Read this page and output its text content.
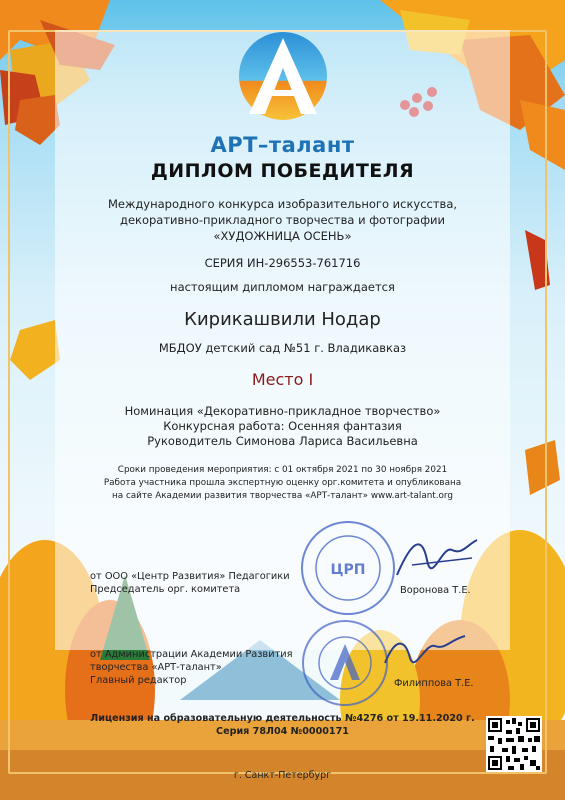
АРТ–талант
ДИПЛОМ ПОБЕДИТЕЛЯ
Международного конкурса изобразительного искусства,
декоративно-прикладного творчества и фотографии
«ХУДОЖНИЦА ОСЕНЬ»
СЕРИЯ ИН-296553-761716
настоящим дипломом награждается
Кирикашвили Нодар
МБДОУ детский сад №51 г. Владикавказ
Место I
Номинация «Декоративно-прикладное творчество»
Конкурсная работа: Осенняя фантазия
Руководитель Симонова Лариса Васильевна
Сроки проведения мероприятия: с 01 октября 2021 по 30 ноября 2021
Работа участника прошла экспертную оценку орг.комитета и опубликована
на сайте Академии развития творчества «АРТ-талант» www.art-talant.org
от ООО «Центр Развития» Педагогики
Председатель орг. комитета	Воронова Т.Е.
ЦРП
от Администрации Академии Развития
творчества «АРТ-талант»
Главный редактор	Филиппова Т.Е.
Лицензия на образовательную деятельность №4276 от 19.11.2020 г.
Серия 78Л04 №0000171
г. Санкт-Петербург
